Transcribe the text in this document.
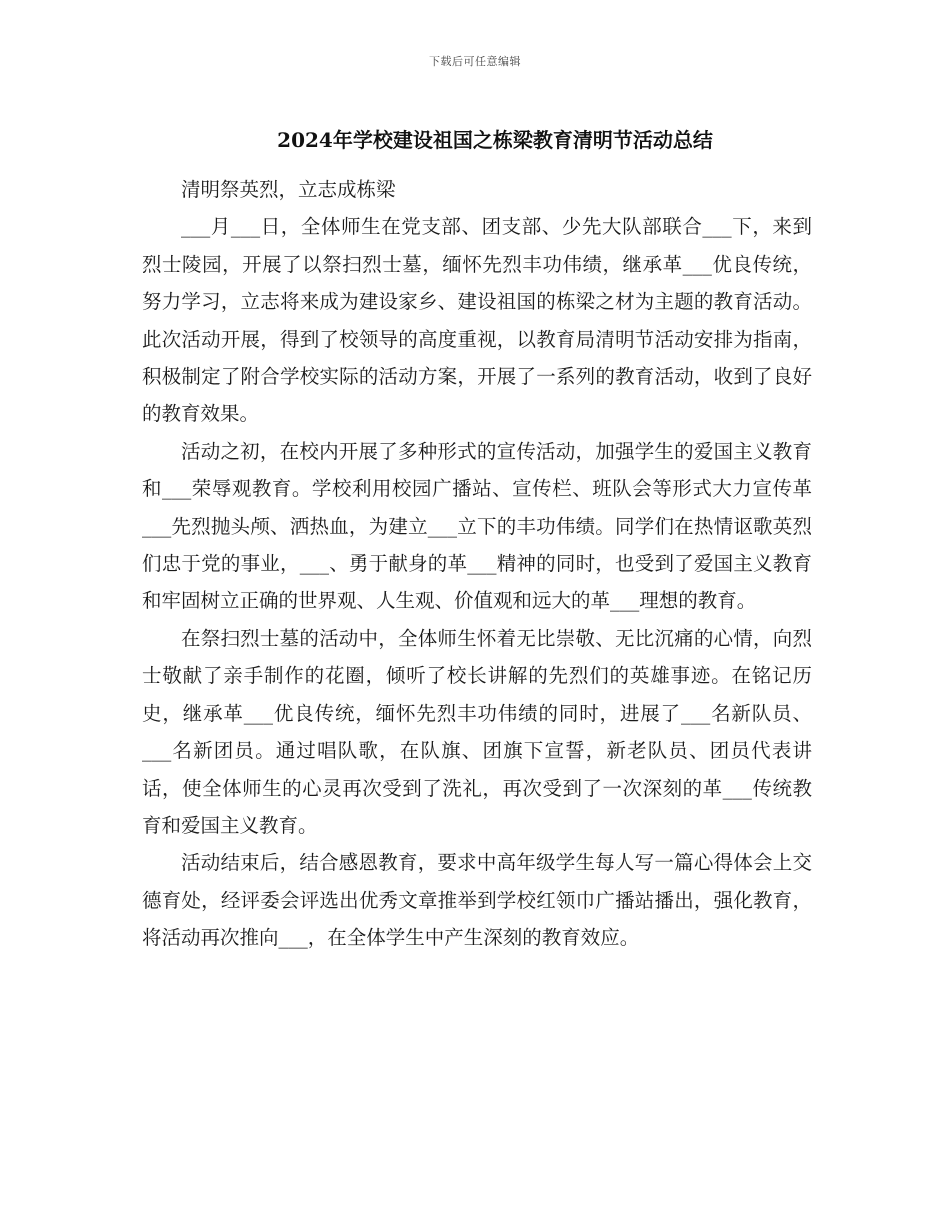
下载后可任意编辑
2024年学校建设祖国之栋梁教育清明节活动总结

清明祭英烈，立志成栋梁

___月___日，全体师生在党支部、团支部、少先大队部联合___下，来到烈士陵园，开展了以祭扫烈士墓，缅怀先烈丰功伟绩，继承革___优良传统，努力学习，立志将来成为建设家乡、建设祖国的栋梁之材为主题的教育活动。此次活动开展，得到了校领导的高度重视，以教育局清明节活动安排为指南，积极制定了附合学校实际的活动方案，开展了一系列的教育活动，收到了良好的教育效果。

活动之初，在校内开展了多种形式的宣传活动，加强学生的爱国主义教育和___荣辱观教育。学校利用校园广播站、宣传栏、班队会等形式大力宣传革___先烈抛头颅、洒热血，为建立___立下的丰功伟绩。同学们在热情讴歌英烈们忠于党的事业，___、勇于献身的革___精神的同时，也受到了爱国主义教育和牢固树立正确的世界观、人生观、价值观和远大的革___理想的教育。

在祭扫烈士墓的活动中，全体师生怀着无比崇敬、无比沉痛的心情，向烈士敬献了亲手制作的花圈，倾听了校长讲解的先烈们的英雄事迹。在铭记历史，继承革___优良传统，缅怀先烈丰功伟绩的同时，进展了___名新队员、___名新团员。通过唱队歌，在队旗、团旗下宣誓，新老队员、团员代表讲话，使全体师生的心灵再次受到了洗礼，再次受到了一次深刻的革___传统教育和爱国主义教育。

活动结束后，结合感恩教育，要求中高年级学生每人写一篇心得体会上交德育处，经评委会评选出优秀文章推举到学校红领巾广播站播出，强化教育，将活动再次推向___，在全体学生中产生深刻的教育效应。
